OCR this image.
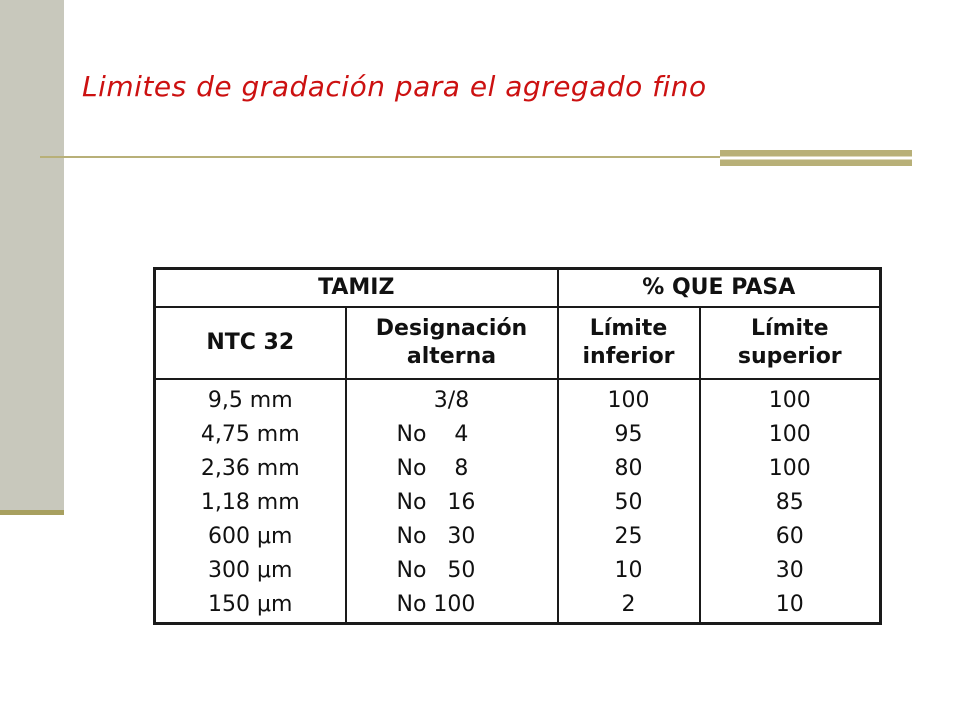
Limites de gradación para el agregado fino
TAMIZ		% QUE PASA	
NTC 32	Designación alterna	Límite inferior	Límite superior
9,5 mm	3/8	100	100
4,75 mm	No    4	95	100
2,36 mm	No    8	80	100
1,18 mm	No   16	50	85
600 μm	No   30	25	60
300 μm	No   50	10	30
150 μm	No 100	2	10
